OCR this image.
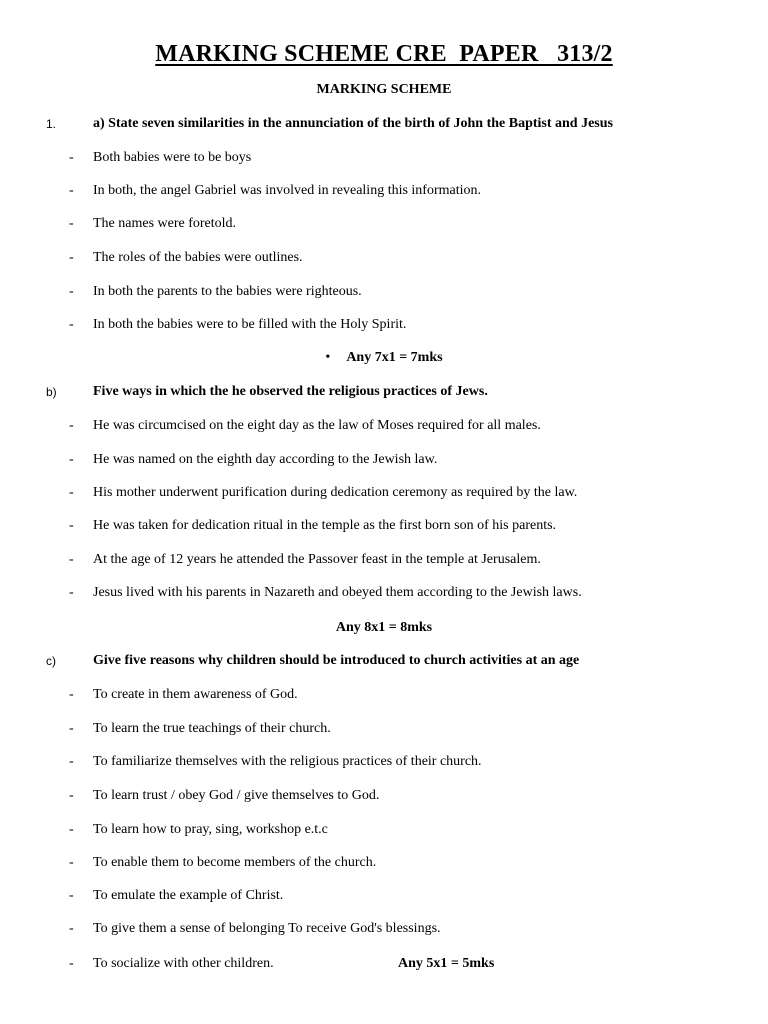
MARKING SCHEME CRE  PAPER   313/2
MARKING SCHEME
1.	a) State seven similarities in the annunciation of the birth of John the Baptist and Jesus
- Both babies were to be boys
- In both, the angel Gabriel was involved in revealing this information.
- The names were foretold.
- The roles of the babies were outlines.
- In both the parents to the babies were righteous.
- In both the babies were to be filled with the Holy Spirit.
• Any 7x1 = 7mks
b)	Five ways in which the he observed the religious practices of Jews.
- He was circumcised on the eight day as the law of Moses required for all males.
- He was named on the eighth day according to the Jewish law.
- His mother underwent purification during dedication ceremony as required by the law.
- He was taken for dedication ritual in the temple as the first born son of his parents.
- At the age of 12 years he attended the Passover feast in the temple at Jerusalem.
- Jesus lived with his parents in Nazareth and obeyed them according to the Jewish laws.
Any 8x1 = 8mks
c)	Give five reasons why children should be introduced to church activities at an age
- To create in them awareness of God.
- To learn the true teachings of their church.
- To familiarize themselves with the religious practices of their church.
- To learn trust / obey God / give themselves to God.
- To learn how to pray, sing, workshop e.t.c
- To enable them to become members of the church.
- To emulate the example of Christ.
- To give them a sense of belonging To receive God's blessings.
- To socialize with other children.	Any 5x1 = 5mks
